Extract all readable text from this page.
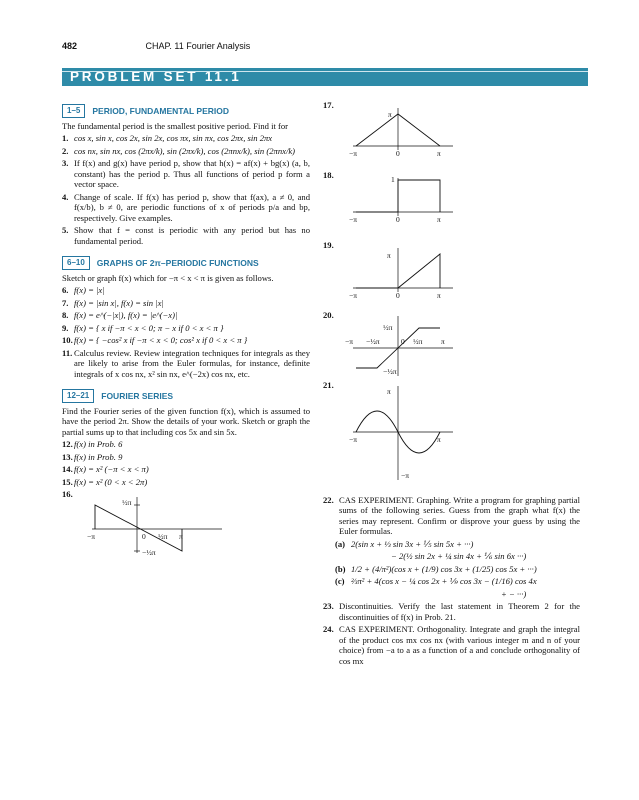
482	CHAP. 11 Fourier Analysis
PROBLEM SET 11.1
1–5	PERIOD, FUNDAMENTAL PERIOD

The fundamental period is the smallest positive period. Find it for

1. cos x, sin x, cos 2x, sin 2x, cos πx, sin πx, cos 2πx, sin 2πx
2. cos nx, sin nx, cos (2πx/k), sin (2πx/k), cos (2πnx/k), sin (2πnx/k)
3. If f(x) and g(x) have period p, show that h(x) = af(x) + bg(x) (a, b, constant) has the period p. Thus all functions of period p form a vector space.
4. Change of scale. If f(x) has period p, show that f(ax), a ≠ 0, and f(x/b), b ≠ 0, are periodic functions of x of periods p/a and bp, respectively. Give examples.
5. Show that f = const is periodic with any period but has no fundamental period.
6–10	GRAPHS OF 2π–PERIODIC FUNCTIONS

Sketch or graph f(x) which for −π < x < π is given as follows.

6. f(x) = |x|
7. f(x) = |sin x|, f(x) = sin |x|
8. f(x) = e^(−|x|), f(x) = |e^(−x)|
9. f(x) = { x if −π < x < 0; π − x if 0 < x < π }
10. f(x) = { −cos² x if −π < x < 0; cos² x if 0 < x < π }
11. Calculus review. Review integration techniques for integrals as they are likely to arise from the Euler formulas, for instance, definite integrals of x cos nx, x² sin nx, e^(−2x) cos nx, etc.
12–21	FOURIER SERIES

Find the Fourier series of the given function f(x), which is assumed to have the period 2π. Show the details of your work. Sketch or graph the partial sums up to that including cos 5x and sin 5x.

12. f(x) in Prob. 6
13. f(x) in Prob. 9
14. f(x) = x² (−π < x < π)
15. f(x) = x² (0 < x < 2π)
16.
½π
−π	0 ½π π
−½π
17.
π
−π	0	π
18.	1
−π	0	π
19.
π
−π	0	π
20.
½π
−π −½π	0 ½π π
−½π
21.
π
−π	π
−π
22. CAS EXPERIMENT. Graphing. Write a program for graphing partial sums of the following series. Guess from the graph what f(x) the series may represent. Confirm or disprove your guess by using the Euler formulas.
(a) 2(sin x + ⅓ sin 3x + ⅕ sin 5x + ···)
− 2(½ sin 2x + ¼ sin 4x + ⅙ sin 6x ···)
(b) 1/2 + (4/π²)(cos x + (1/9) cos 3x + (1/25) cos 5x + ···)
(c) ⅔π² + 4(cos x − ¼ cos 2x + ⅑ cos 3x − (1/16) cos 4x
+ − ···)
23. Discontinuities. Verify the last statement in Theorem 2 for the discontinuities of f(x) in Prob. 21.
24. CAS EXPERIMENT. Orthogonality. Integrate and graph the integral of the product cos mx cos nx (with various integer m and n of your choice) from −a to a as a function of a and conclude orthogonality of cos mx
